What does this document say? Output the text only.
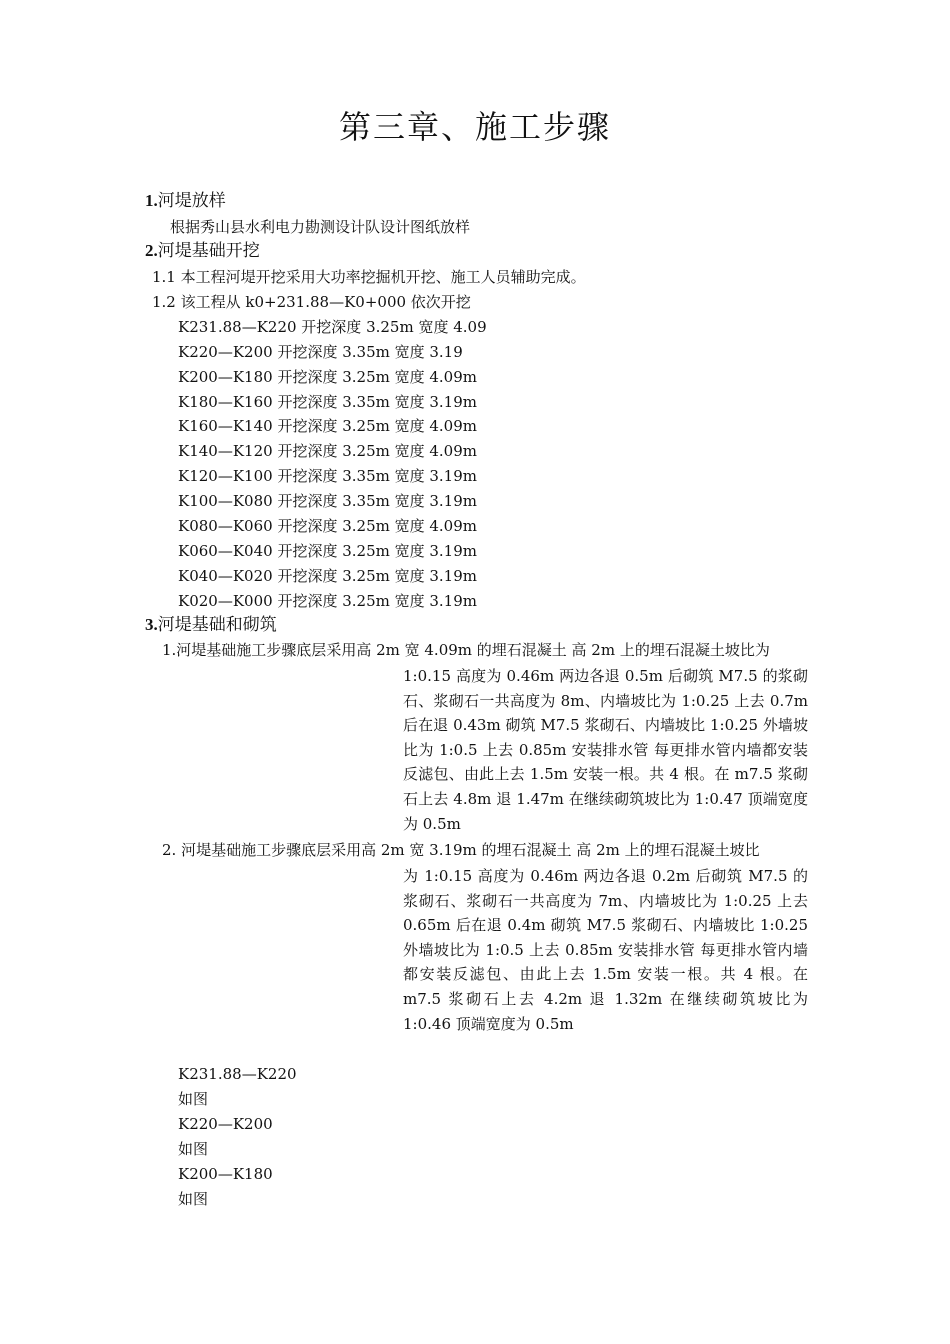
第三章、施工步骤
1.河堤放样
根据秀山县水利电力勘测设计队设计图纸放样
2.河堤基础开挖
1.1 本工程河堤开挖采用大功率挖掘机开挖、施工人员辅助完成。
1.2 该工程从 k0+231.88—K0+000 依次开挖
K231.88—K220 开挖深度 3.25m 宽度 4.09
K220—K200 开挖深度 3.35m 宽度 3.19
K200—K180 开挖深度 3.25m 宽度 4.09m
K180—K160 开挖深度 3.35m 宽度 3.19m
K160—K140 开挖深度 3.25m 宽度 4.09m
K140—K120 开挖深度 3.25m 宽度 4.09m
K120—K100 开挖深度 3.35m 宽度 3.19m
K100—K080 开挖深度 3.35m 宽度 3.19m
K080—K060 开挖深度 3.25m 宽度 4.09m
K060—K040 开挖深度 3.25m 宽度 3.19m
K040—K020 开挖深度 3.25m 宽度 3.19m
K020—K000 开挖深度 3.25m 宽度 3.19m
3.河堤基础和砌筑
1.河堤基础施工步骤底层采用高 2m 宽 4.09m 的埋石混凝土 高 2m 上的埋石混凝土坡比为
1:0.15 高度为 0.46m 两边各退 0.5m 后砌筑 M7.5 的浆砌石、浆砌石一共高度为 8m、内墙坡比为 1:0.25 上去 0.7m 后在退 0.43m 砌筑 M7.5 浆砌石、内墙坡比 1:0.25 外墙坡比为 1:0.5 上去 0.85m 安装排水管 每更排水管内墙都安装反滤包、由此上去 1.5m 安装一根。共 4 根。在 m7.5 浆砌石上去 4.8m 退 1.47m 在继续砌筑坡比为 1:0.47 顶端宽度为 0.5m
2. 河堤基础施工步骤底层采用高 2m 宽 3.19m 的埋石混凝土 高 2m 上的埋石混凝土坡比
为 1:0.15 高度为 0.46m 两边各退 0.2m 后砌筑 M7.5 的浆砌石、浆砌石一共高度为 7m、内墙坡比为 1:0.25 上去 0.65m 后在退 0.4m 砌筑 M7.5 浆砌石、内墙坡比 1:0.25 外墙坡比为 1:0.5 上去 0.85m 安装排水管 每更排水管内墙都安装反滤包、由此上去 1.5m 安装一根。共 4 根。在 m7.5 浆砌石上去 4.2m 退 1.32m 在继续砌筑坡比为 1:0.46 顶端宽度为 0.5m
K231.88—K220
如图
K220—K200
如图
K200—K180
如图
